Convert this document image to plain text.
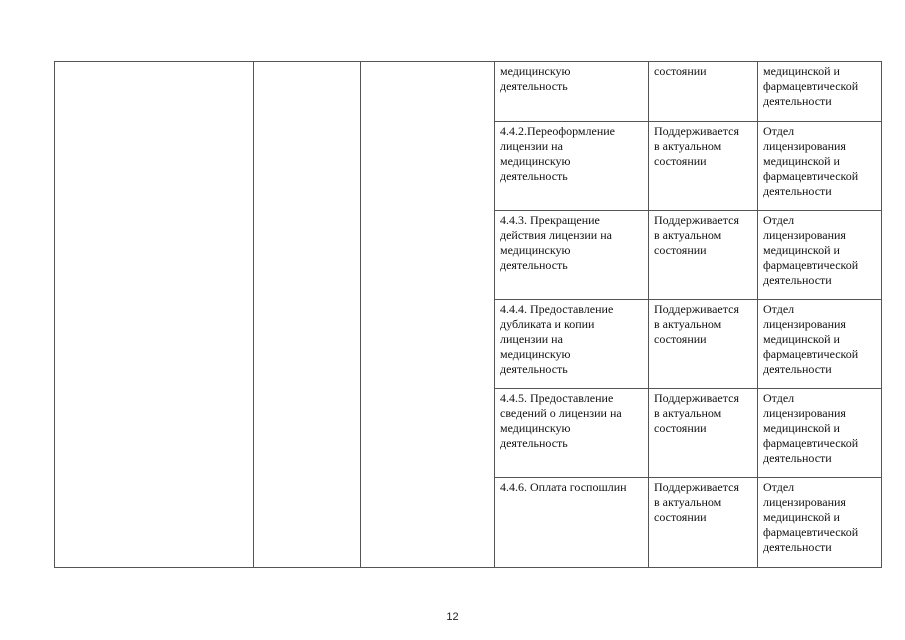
			медицинскую
деятельность	состоянии	медицинской и
фармацевтической
деятельности
			4.4.2.Переоформление
лицензии на
медицинскую
деятельность	Поддерживается
в актуальном
состоянии	Отдел
лицензирования
медицинской и
фармацевтической
деятельности
			4.4.3. Прекращение
действия лицензии на
медицинскую
деятельность	Поддерживается
в актуальном
состоянии	Отдел
лицензирования
медицинской и
фармацевтической
деятельности
			4.4.4. Предоставление
дубликата и копии
лицензии на
медицинскую
деятельность	Поддерживается
в актуальном
состоянии	Отдел
лицензирования
медицинской и
фармацевтической
деятельности
			4.4.5. Предоставление
сведений о лицензии на
медицинскую
деятельность	Поддерживается
в актуальном
состоянии	Отдел
лицензирования
медицинской и
фармацевтической
деятельности
			4.4.6. Оплата госпошлин	Поддерживается
в актуальном
состоянии	Отдел
лицензирования
медицинской и
фармацевтической
деятельности
12
